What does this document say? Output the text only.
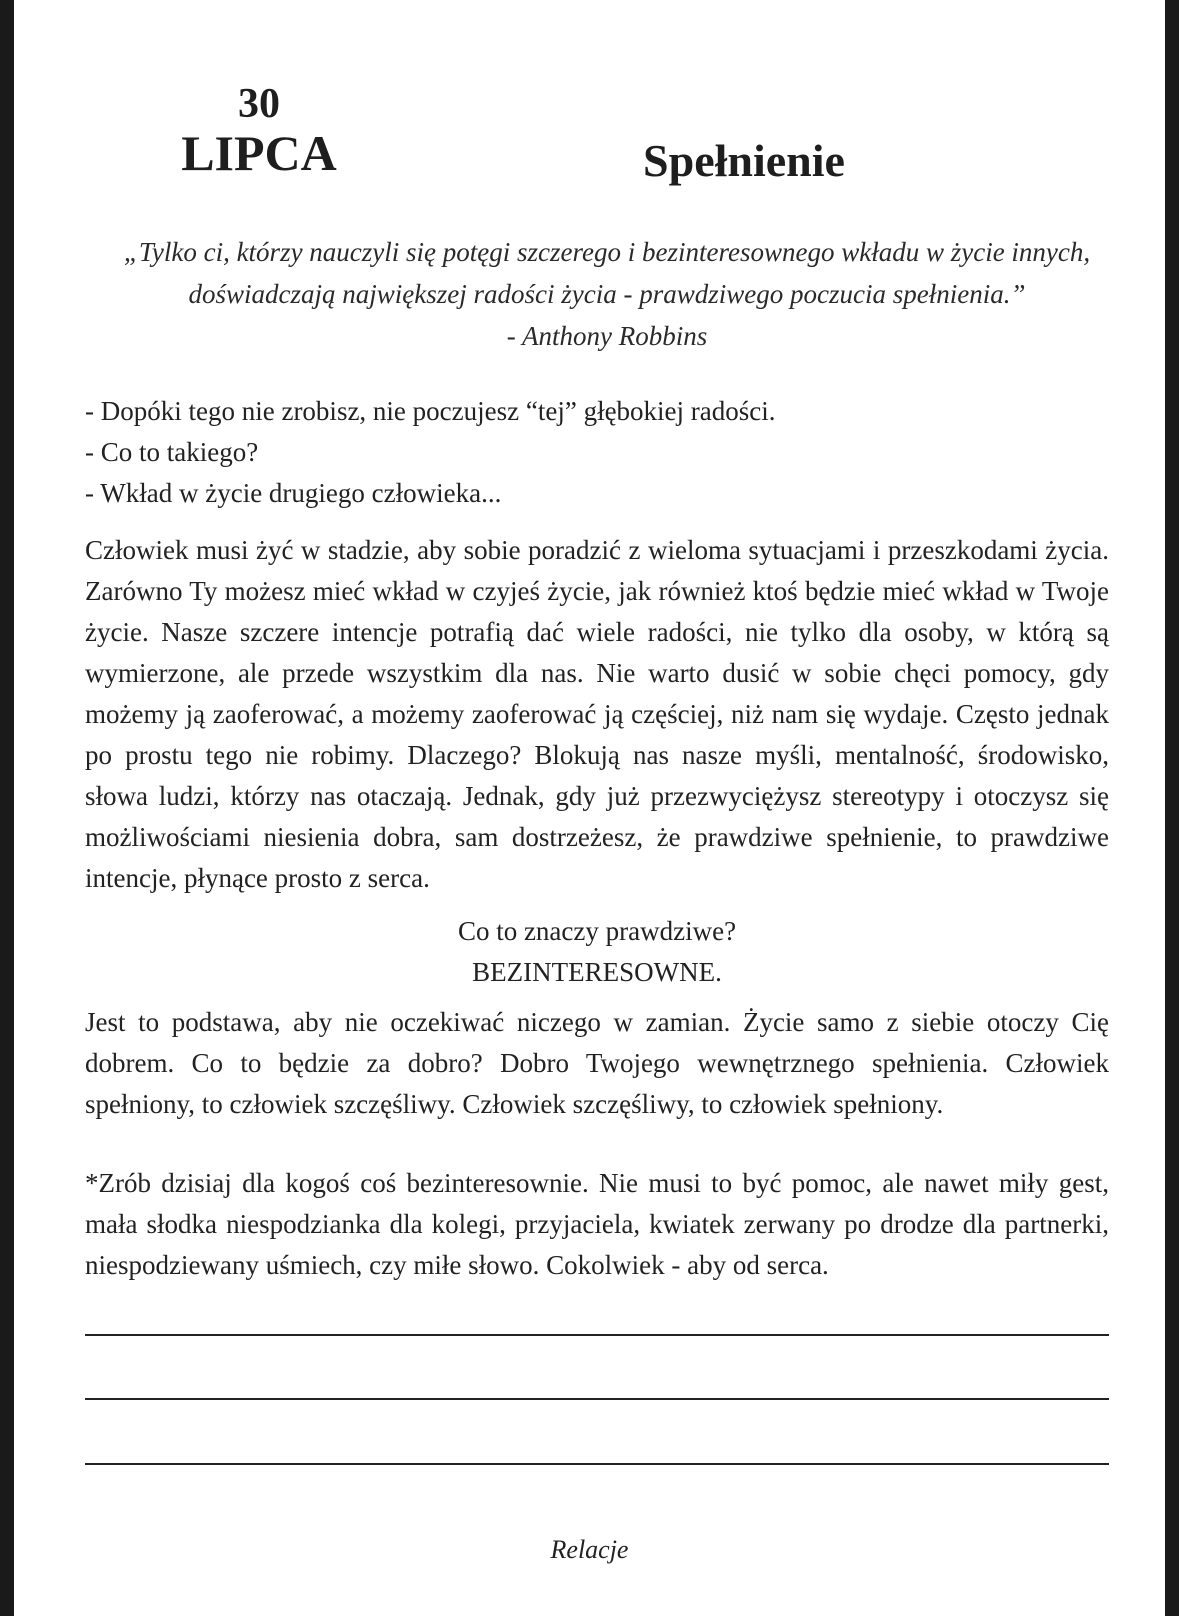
30
LIPCA	Spełnienie
„Tylko ci, którzy nauczyli się potęgi szczerego i bezinteresownego wkładu w życie innych,
doświadczają największej radości życia - prawdziwego poczucia spełnienia.”
- Anthony Robbins
- Dopóki tego nie zrobisz, nie poczujesz “tej” głębokiej radości.
- Co to takiego?
- Wkład w życie drugiego człowieka...
Człowiek musi żyć w stadzie, aby sobie poradzić z wieloma sytuacjami i przeszkodami życia. Zarówno Ty możesz mieć wkład w czyjeś życie, jak również ktoś będzie mieć wkład w Twoje życie. Nasze szczere intencje potrafią dać wiele radości, nie tylko dla osoby, w którą są wymierzone, ale przede wszystkim dla nas. Nie warto dusić w sobie chęci pomocy, gdy możemy ją zaoferować, a możemy zaoferować ją częściej, niż nam się wydaje. Często jednak po prostu tego nie robimy. Dlaczego? Blokują nas nasze myśli, mentalność, środowisko, słowa ludzi, którzy nas otaczają. Jednak, gdy już przezwyciężysz stereotypy i otoczysz się możliwościami niesienia dobra, sam dostrzeżesz, że prawdziwe spełnienie, to prawdziwe intencje, płynące prosto z serca.
Co to znaczy prawdziwe?
BEZINTERESOWNE.
Jest to podstawa, aby nie oczekiwać niczego w zamian. Życie samo z siebie otoczy Cię dobrem. Co to będzie za dobro? Dobro Twojego wewnętrznego spełnienia. Człowiek spełniony, to człowiek szczęśliwy. Człowiek szczęśliwy, to człowiek spełniony.
*Zrób dzisiaj dla kogoś coś bezinteresownie. Nie musi to być pomoc, ale nawet miły gest, mała słodka niespodzianka dla kolegi, przyjaciela, kwiatek zerwany po drodze dla partnerki, niespodziewany uśmiech, czy miłe słowo. Cokolwiek - aby od serca.
Relacje
